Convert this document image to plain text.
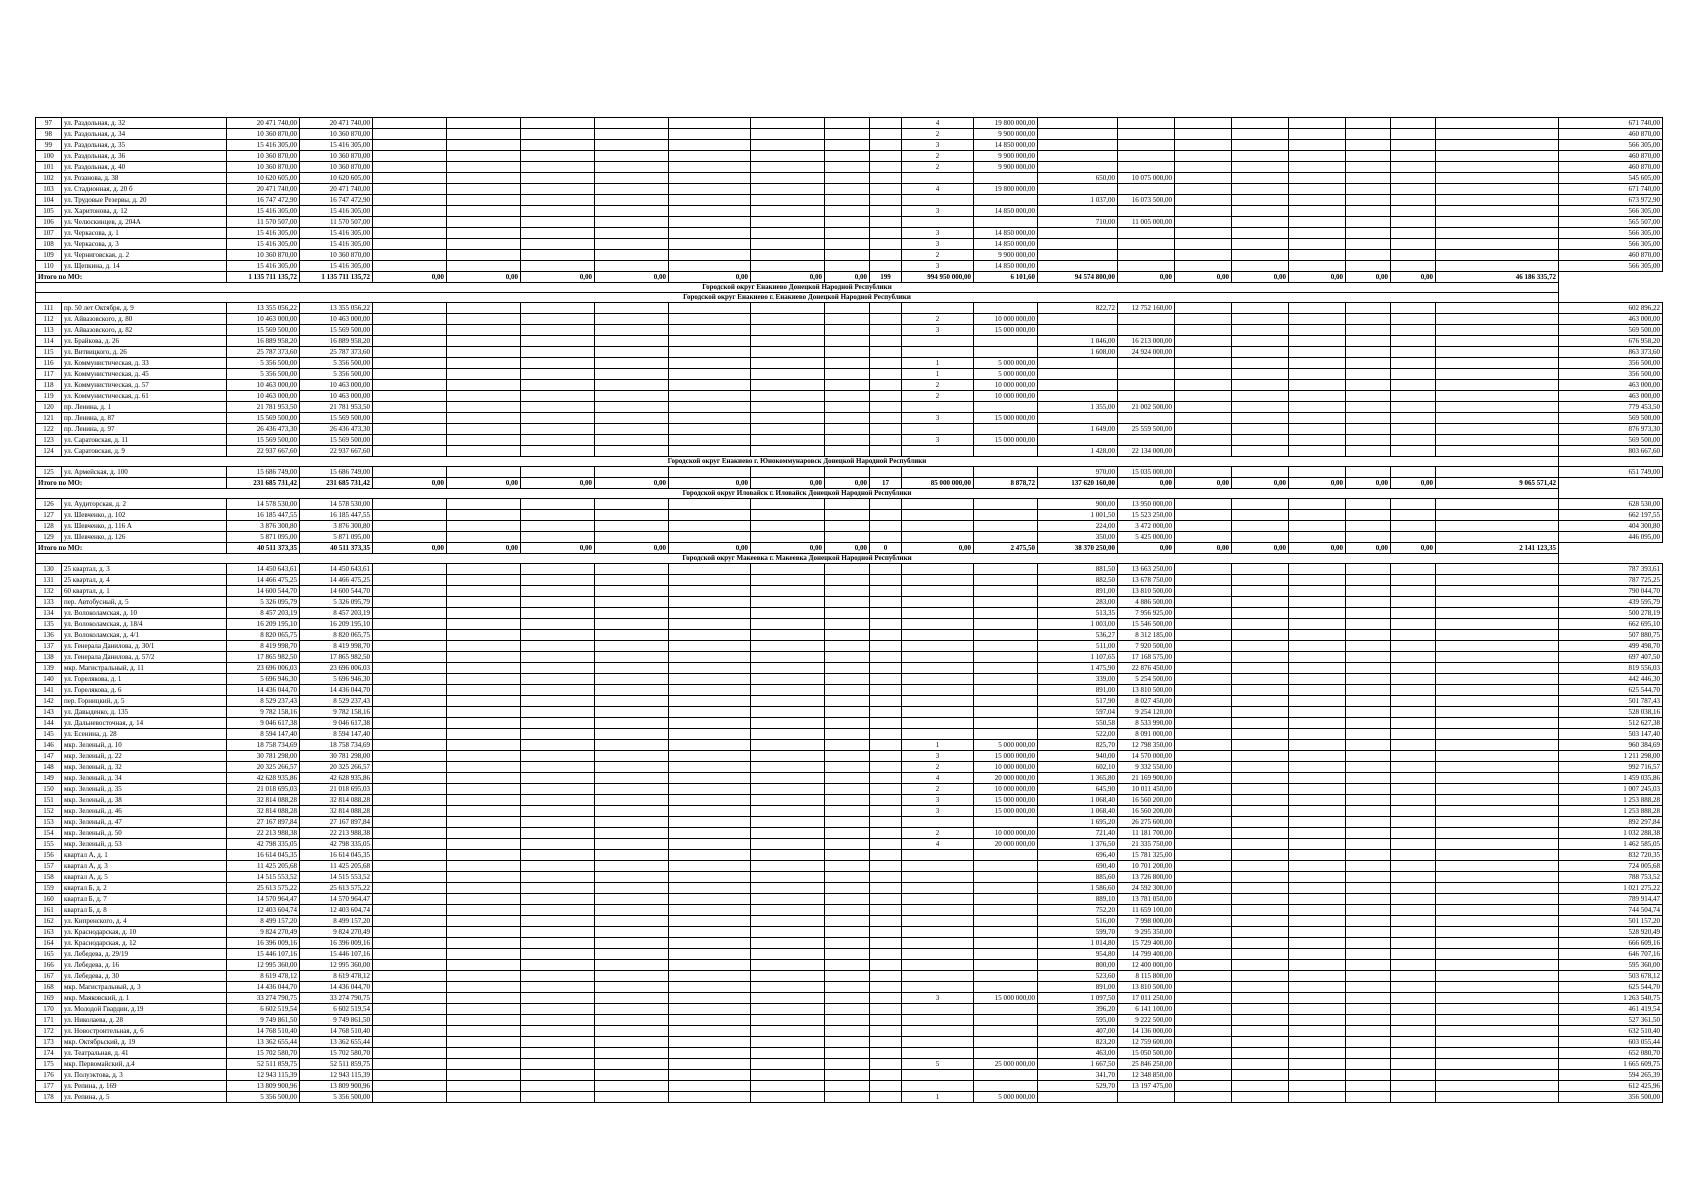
97	ул. Раздольная, д. 32	20 471 740,00	20 471 740,00									4	19 800 000,00									671 740,00
98	ул. Раздольная, д. 34	10 360 870,00	10 360 870,00									2	9 900 000,00									460 870,00
99	ул. Раздольная, д. 35	15 416 305,00	15 416 305,00									3	14 850 000,00									566 305,00
100	ул. Раздольная, д. 36	10 360 870,00	10 360 870,00									2	9 900 000,00									460 870,00
101	ул. Раздольная, д. 40	10 360 870,00	10 360 870,00									2	9 900 000,00									460 870,00
102	ул. Розанова, д. 38	10 620 605,00	10 620 605,00											650,00	10 075 000,00							545 605,00
103	ул. Стадионная, д. 20 б	20 471 740,00	20 471 740,00									4	19 800 000,00									671 740,00
104	ул. Трудовые Резервы, д. 20	16 747 472,90	16 747 472,90											1 037,00	16 073 500,00							673 972,90
105	ул. Харитонова, д. 12	15 416 305,00	15 416 305,00									3	14 850 000,00									566 305,00
106	ул. Челюскинцев, д. 204А	11 570 507,00	11 570 507,00											710,00	11 005 000,00							565 507,00
107	ул. Черкасова, д. 1	15 416 305,00	15 416 305,00									3	14 850 000,00									566 305,00
108	ул. Черкасова, д. 3	15 416 305,00	15 416 305,00									3	14 850 000,00									566 305,00
109	ул. Черниговская, д. 2	10 360 870,00	10 360 870,00									2	9 900 000,00									460 870,00
110	ул. Щепкина, д. 14	15 416 305,00	15 416 305,00									3	14 850 000,00									566 305,00
Итого по МО:		1 135 711 135,72	1 135 711 135,72	0,00	0,00	0,00	0,00	0,00	0,00	0,00	199	994 950 000,00	6 101,60	94 574 800,00	0,00	0,00	0,00	0,00	0,00	0,00	46 186 335,72	
Городской округ Енакиево Донецкой Народной Республики																						
Городской округ Енакиево г. Енакиево Донецкой Народной Республики																						
111	пр. 50 лет Октября, д. 9	13 355 056,22	13 355 056,22											822,72	12 752 160,00							602 896,22
112	ул. Айвазовского, д. 80	10 463 000,00	10 463 000,00									2	10 000 000,00									463 000,00
113	ул. Айвазовского, д. 82	15 569 500,00	15 569 500,00									3	15 000 000,00									569 500,00
114	ул. Брайкова, д. 26	16 889 958,20	16 889 958,20											1 046,00	16 213 000,00							676 958,20
115	ул. Витвицкого, д. 26	25 787 373,60	25 787 373,60											1 608,00	24 924 000,00							863 373,60
116	ул. Коммунистическая, д. 33	5 356 500,00	5 356 500,00									1	5 000 000,00									356 500,00
117	ул. Коммунистическая, д. 45	5 356 500,00	5 356 500,00									1	5 000 000,00									356 500,00
118	ул. Коммунистическая, д. 57	10 463 000,00	10 463 000,00									2	10 000 000,00									463 000,00
119	ул. Коммунистическая, д. 61	10 463 000,00	10 463 000,00									2	10 000 000,00									463 000,00
120	пр. Ленина, д. 1	21 781 953,50	21 781 953,50											1 355,00	21 002 500,00							779 453,50
121	пр. Ленина, д. 87	15 569 500,00	15 569 500,00									3	15 000 000,00									569 500,00
122	пр. Ленина, д. 97	26 436 473,30	26 436 473,30											1 649,00	25 559 500,00							876 973,30
123	ул. Саратовская, д. 11	15 569 500,00	15 569 500,00									3	15 000 000,00									569 500,00
124	ул. Саратовская, д. 9	22 937 667,60	22 937 667,60											1 428,00	22 134 000,00							803 667,60
Городской округ Енакиево г. Юнокоммунаровск Донецкой Народной Республики																						
125	ул. Армейская, д. 100	15 686 749,00	15 686 749,00											970,00	15 035 000,00							651 749,00
Итого по МО:		231 685 731,42	231 685 731,42	0,00	0,00	0,00	0,00	0,00	0,00	0,00	17	85 000 000,00	8 878,72	137 620 160,00	0,00	0,00	0,00	0,00	0,00	0,00	9 065 571,42	
Городской округ Иловайск г. Иловайск Донецкой Народной Республики																						
126	ул. Аудиторская, д. 2	14 578 530,00	14 578 530,00											900,00	13 950 000,00							628 530,00
127	ул. Шевченко, д. 102	16 185 447,55	16 185 447,55											1 001,50	15 523 250,00							662 197,55
128	ул. Шевченко, д. 116 А	3 876 300,80	3 876 300,80											224,00	3 472 000,00							404 300,80
129	ул. Шевченко, д. 126	5 871 095,00	5 871 095,00											350,00	5 425 000,00							446 095,00
Итого по МО:		40 511 373,35	40 511 373,35	0,00	0,00	0,00	0,00	0,00	0,00	0,00	0	0,00	2 475,50	38 370 250,00	0,00	0,00	0,00	0,00	0,00	0,00	2 141 123,35	
Городской округ Макеевка г. Макеевка Донецкой Народной Республики																						
130	25 квартал, д. 3	14 450 643,61	14 450 643,61											881,50	13 663 250,00							787 393,61
131	25 квартал, д. 4	14 466 475,25	14 466 475,25											882,50	13 678 750,00							787 725,25
132	60 квартал, д. 1	14 600 544,70	14 600 544,70											891,00	13 810 500,00							790 044,70
133	пер. Автобусный, д. 5	5 326 095,79	5 326 095,79											283,00	4 886 500,00							439 595,79
134	ул. Волоколамская, д. 10	8 457 203,19	8 457 203,19											513,35	7 956 925,00							500 278,19
135	ул. Волоколамская, д. 18/4	16 209 195,10	16 209 195,10											1 003,00	15 546 500,00							662 695,10
136	ул. Волоколамская, д. 4/1	8 820 065,75	8 820 065,75											536,27	8 312 185,00							507 880,75
137	ул. Генерала Данилова, д. 30/1	8 419 998,70	8 419 998,70											511,00	7 920 500,00							499 498,70
138	ул. Генерала Данилова, д. 57/2	17 865 982,50	17 865 982,50											1 107,65	17 168 575,00							697 407,50
139	мкр. Магистральный, д. 11	23 696 006,03	23 696 006,03											1 475,90	22 876 450,00							819 556,03
140	ул. Горелякова, д. 1	5 696 946,30	5 696 946,30											339,00	5 254 500,00							442 446,30
141	ул. Горелякова, д. 6	14 436 044,70	14 436 044,70											891,00	13 810 500,00							625 544,70
142	пер. Горницкий, д. 5	8 529 237,43	8 529 237,43											517,90	8 027 450,00							501 787,43
143	ул. Давыденко, д. 135	9 782 158,16	9 782 158,16											597,04	9 254 120,00							528 038,16
144	ул. Дальневосточная, д. 14	9 046 617,38	9 046 617,38											550,58	8 533 990,00							512 627,38
145	ул. Есенина, д. 28	8 594 147,40	8 594 147,40											522,00	8 091 000,00							503 147,40
146	мкр. Зеленый, д. 10	18 758 734,69	18 758 734,69									1	5 000 000,00	825,70	12 798 350,00							960 384,69
147	мкр. Зеленый, д. 22	30 781 298,00	30 781 298,00									3	15 000 000,00	940,00	14 570 000,00							1 211 298,00
148	мкр. Зеленый, д. 32	20 325 266,57	20 325 266,57									2	10 000 000,00	602,10	9 332 550,00							992 716,57
149	мкр. Зеленый, д. 34	42 628 935,86	42 628 935,86									4	20 000 000,00	1 365,80	21 169 900,00							1 459 035,86
150	мкр. Зеленый, д. 35	21 018 695,03	21 018 695,03									2	10 000 000,00	645,90	10 011 450,00							1 007 245,03
151	мкр. Зеленый, д. 38	32 814 088,28	32 814 088,28									3	15 000 000,00	1 068,40	16 560 200,00							1 253 888,28
152	мкр. Зеленый, д. 46	32 814 088,28	32 814 088,28									3	15 000 000,00	1 068,40	16 560 200,00							1 253 888,28
153	мкр. Зеленый, д. 47	27 167 897,84	27 167 897,84											1 695,20	26 275 600,00							892 297,84
154	мкр. Зеленый, д. 50	22 213 988,38	22 213 988,38									2	10 000 000,00	721,40	11 181 700,00							1 032 288,38
155	мкр. Зеленый, д. 53	42 798 335,05	42 798 335,05									4	20 000 000,00	1 376,50	21 335 750,00							1 462 585,05
156	квартал А, д. 1	16 614 045,35	16 614 045,35											696,40	15 781 325,00							832 720,35
157	квартал А, д. 3	11 425 205,68	11 425 205,68											690,40	10 701 200,00							724 005,68
158	квартал А, д. 5	14 515 553,52	14 515 553,52											885,60	13 726 800,00							788 753,52
159	квартал Б, д. 2	25 613 575,22	25 613 575,22											1 586,60	24 592 300,00							1 021 275,22
160	квартал Б, д. 7	14 570 964,47	14 570 964,47											889,10	13 781 050,00							789 914,47
161	квартал Б, д. 8	12 403 604,74	12 403 604,74											752,20	11 659 100,00							744 504,74
162	ул. Кипренского, д. 4	8 499 157,20	8 499 157,20											516,00	7 998 000,00							501 157,20
163	ул. Краснодарская, д. 10	9 824 270,49	9 824 270,49											599,70	9 295 350,00							528 920,49
164	ул. Краснодарская, д. 12	16 396 009,16	16 396 009,16											1 014,80	15 729 400,00							666 609,16
165	ул. Лебедева, д. 29/19	15 446 107,16	15 446 107,16											954,80	14 799 400,00							646 707,16
166	ул. Лебедева, д. 16	12 995 360,00	12 995 360,00											800,00	12 400 000,00							595 360,00
167	ул. Лебедева, д. 30	8 619 478,12	8 619 478,12											523,60	8 115 800,00							503 678,12
168	мкр. Магистральный, д. 3	14 436 044,70	14 436 044,70											891,00	13 810 500,00							625 544,70
169	мкр. Маяковский, д. 1	33 274 790,75	33 274 790,75									3	15 000 000,00	1 097,50	17 011 250,00							1 263 540,75
170	ул. Молодой Гвардии, д.19	6 602 519,54	6 602 519,54											396,20	6 141 100,00							461 419,54
171	ул. Николаева, д. 28	9 749 861,50	9 749 861,50											595,00	9 222 500,00							527 361,50
172	ул. Новостроительная, д. 6	14 768 510,40	14 768 510,40											407,00	14 136 000,00							632 510,40
173	мкр. Октябрьский, д. 19	13 362 655,44	13 362 655,44											823,20	12 759 600,00							603 055,44
174	ул. Театральная, д. 41	15 702 580,70	15 702 580,70											463,00	15 050 500,00							652 080,70
175	мкр. Первомайский, д.4	52 511 859,75	52 511 859,75									5	25 000 000,00	1 667,50	25 846 250,00							1 665 609,75
176	ул. Полуэктова, д. 3	12 943 115,39	12 943 115,39											341,70	12 348 850,00							594 265,39
177	ул. Репина, д. 169	13 809 900,96	13 809 900,96											529,70	13 197 475,00							612 425,96
178	ул. Репина, д. 5	5 356 500,00	5 356 500,00									1	5 000 000,00									356 500,00
